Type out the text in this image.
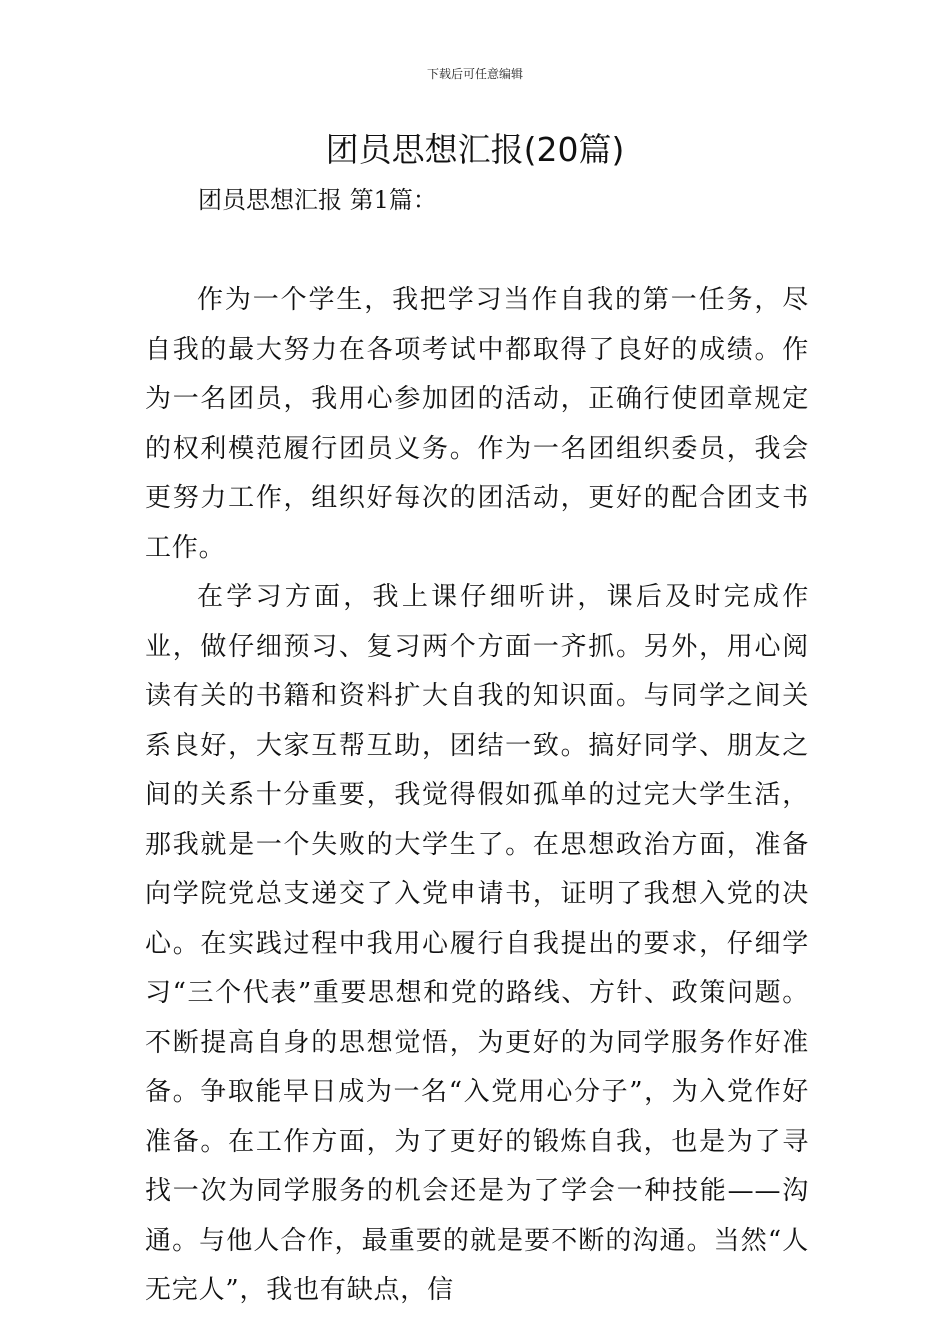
下载后可任意编辑
团员思想汇报(20篇)
团员思想汇报 第1篇：

作为一个学生，我把学习当作自我的第一任务，尽自我的最大努力在各项考试中都取得了良好的成绩。作为一名团员，我用心参加团的活动，正确行使团章规定的权利模范履行团员义务。作为一名团组织委员，我会更努力工作，组织好每次的团活动，更好的配合团支书工作。

在学习方面，我上课仔细听讲，课后及时完成作业，做仔细预习、复习两个方面一齐抓。另外，用心阅读有关的书籍和资料扩大自我的知识面。与同学之间关系良好，大家互帮互助，团结一致。搞好同学、朋友之间的关系十分重要，我觉得假如孤单的过完大学生活，那我就是一个失败的大学生了。在思想政治方面，准备向学院党总支递交了入党申请书，证明了我想入党的决心。在实践过程中我用心履行自我提出的要求，仔细学习“三个代表”重要思想和党的路线、方针、政策问题。不断提高自身的思想觉悟，为更好的为同学服务作好准备。争取能早日成为一名“入党用心分子”，为入党作好准备。在工作方面，为了更好的锻炼自我，也是为了寻找一次为同学服务的机会还是为了学会一种技能——沟通。与他人合作，最重要的就是要不断的沟通。当然“人无完人”，我也有缺点，信
